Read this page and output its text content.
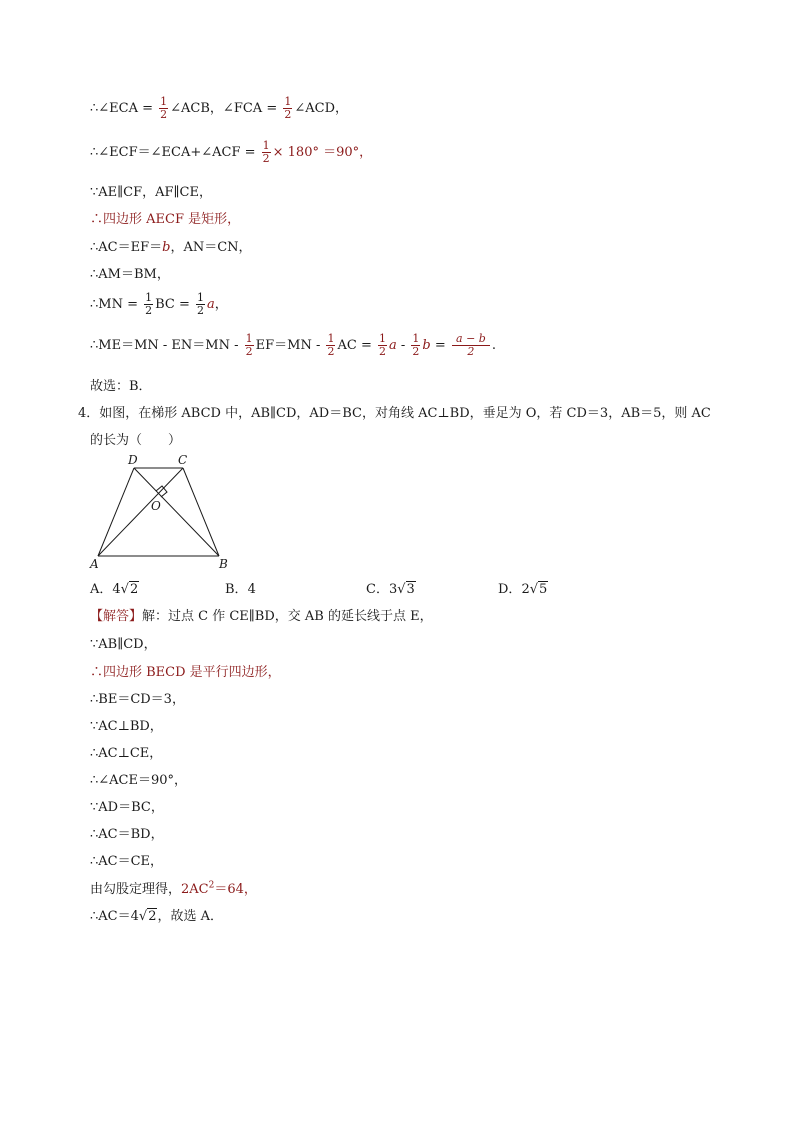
∴∠ECA = $\frac{1}{2}$ ∠ACB，∠FCA = $\frac{1}{2}$ ∠ACD，
∴∠ECF＝∠ECA+∠ACF = $\frac{1}{2} \times 180^\circ =90^\circ$，
∵AE∥CF，AF∥CE，
∴四边形 AECF 是矩形，
∴AC＝EF＝b，AN＝CN，
∴AM＝BM，
∴MN = $\frac{1}{2}$ BC = $\frac{1}{2}$ a，
∴ME＝MN - $EN=MN - \frac{1}{2} EF=MN - \frac{1}{2}$ AC = $\frac{1}{2}$ a - $\frac{1}{2}$ $b = \frac{a - b}{2}$ .
故选：B．
4．如图，在梯形 ABCD 中，AB∥CD，AD＝BC，对角线 AC⊥BD，垂足为 O，若 CD＝3，AB＝5，则 AC
的长为（　　）
A	B
C
D
O
A．4√2	B．4	C．3√3	D．2√5
【解答】解：过点 C 作 CE∥BD，交 AB 的延长线于点 E，
∵AB∥CD，
∴四边形 BECD 是平行四边形，
∴BE＝CD＝3，
∵AC⊥BD，
∴AC⊥CE，
∴∠ACE＝90°，
∵AD＝BC，
∴AC＝BD，
∴AC＝CE，
由勾股定理得，$2AC^2=64$，
∴AC＝4√2，故选 A．
